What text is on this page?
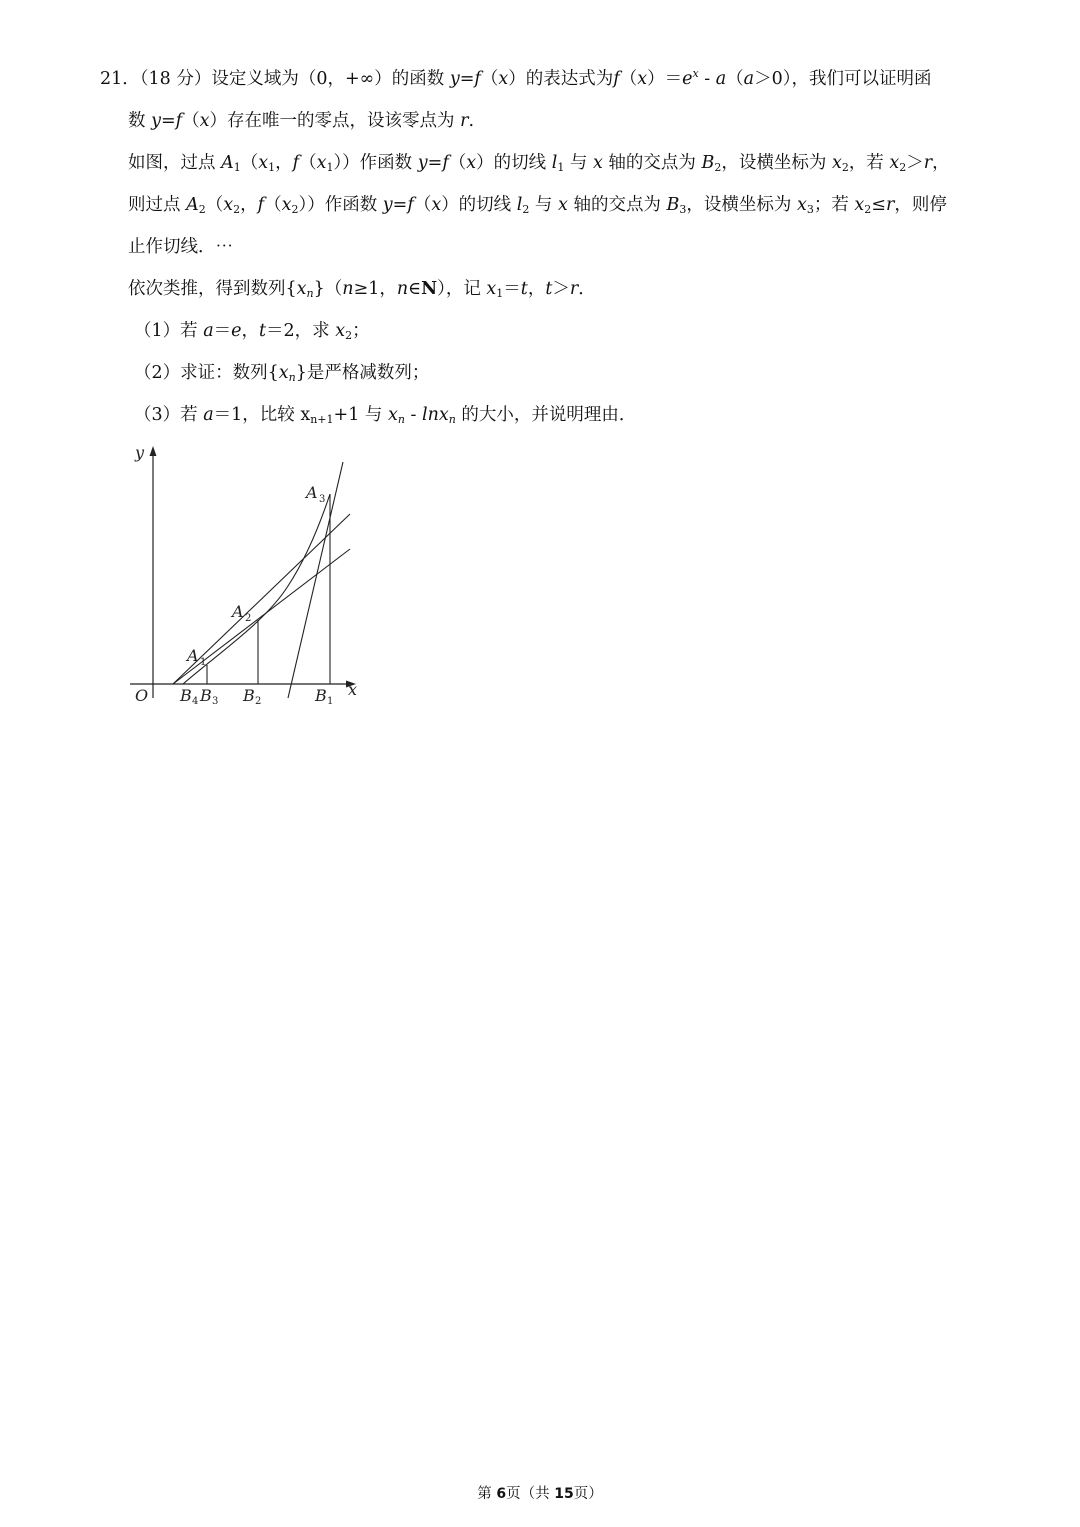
21．（18 分）设定义域为（0，+∞）的函数 y=f（x）的表达式为$f(x)=e^x - a(a>0)$，我们可以证明函
数 y=f（x）存在唯一的零点，设该零点为 r.
如图，过点 $A_1(x_1$，$f(x_1)$）作函数 y=f（x）的切线 $l_1$ 与 x 轴的交点为 $B_2$，设横坐标为 $x_2$，若 $x_2>r$，
则过点 $A_2(x_2$，$f(x_2)$）作函数 y=f（x）的切线 $l_2$ 与 x 轴的交点为 $B_3$，设横坐标为 $x_3$；若 $x_2\le r$，则停
止作切线．⋯
依次类推，得到数列$\{x_n\}(n\ge 1$，n∈N），记 $x_1=t$，t＞r．
（1）若 a＝e，t＝2，求 $x_2$；
（2）求证：数列$\{x_n\}$是严格减数列；
（3）若 a＝1，比较 $x_{n+1}+1$ 与 $x_n - \ln x_n$ 的大小，并说明理由．
y
x
O
A 3
A 2
A 1
B 4 B 3 B 2	B 1
第 6页（共 15页）
